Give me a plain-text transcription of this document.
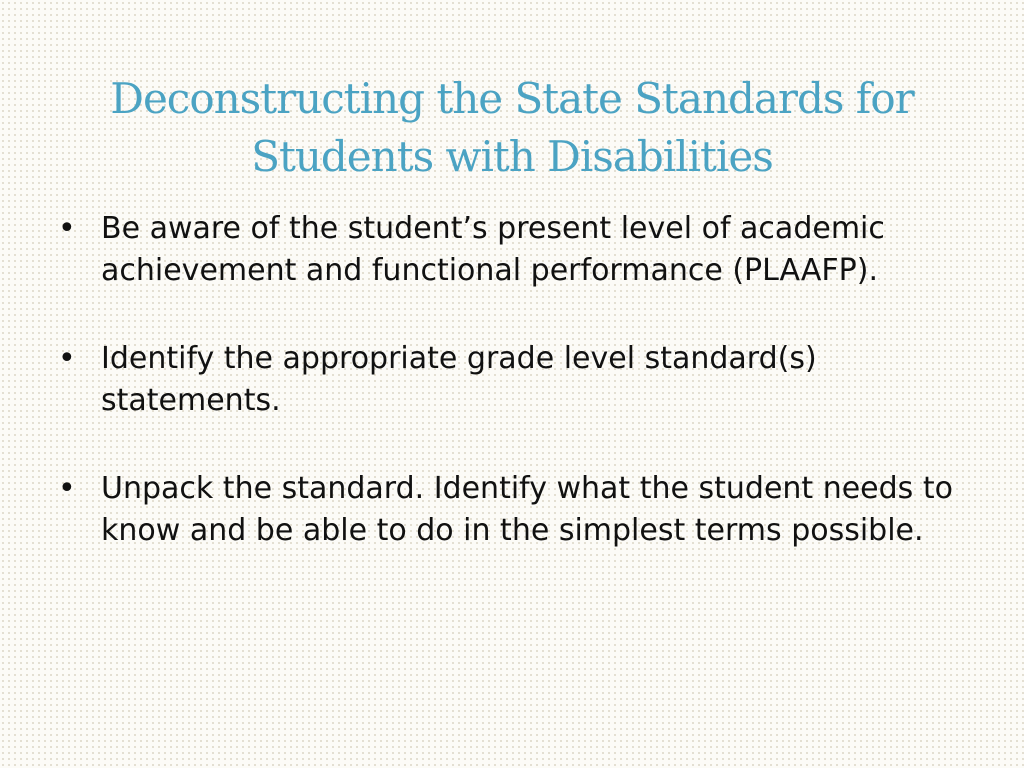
Deconstructing the State Standards for Students with Disabilities
• Be aware of the student’s present level of academic achievement and functional performance (PLAAFP).
• Identify the appropriate grade level standard(s) statements.
• Unpack the standard. Identify what the student needs to know and be able to do in the simplest terms possible.
